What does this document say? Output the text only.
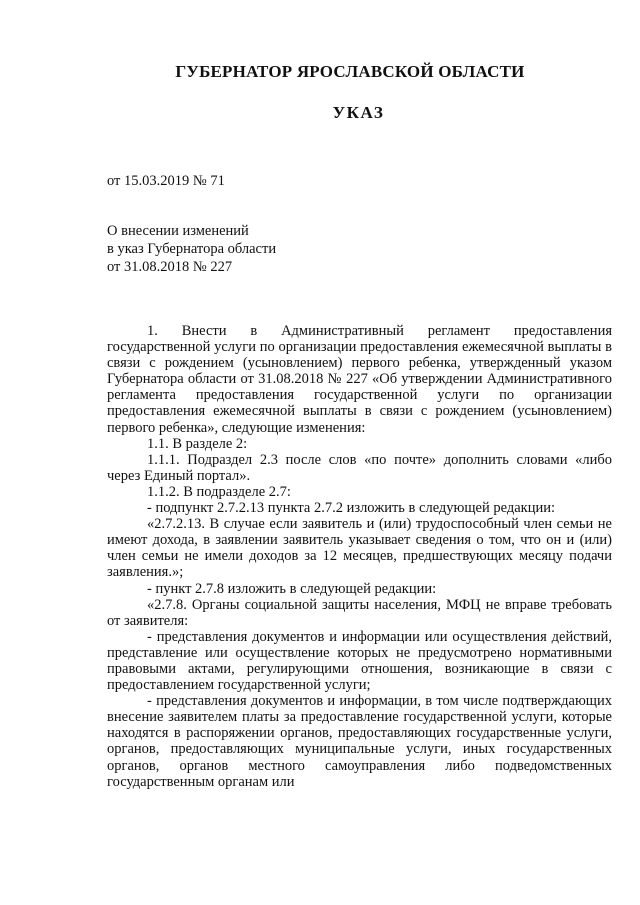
ГУБЕРНАТОР ЯРОСЛАВСКОЙ ОБЛАСТИ
УКАЗ
от 15.03.2019 № 71
О внесении изменений
в указ Губернатора области
от 31.08.2018 № 227

1. Внести в Административный регламент предоставления государственной услуги по организации предоставления ежемесячной выплаты в связи с рождением (усыновлением) первого ребенка, утвержденный указом Губернатора области от 31.08.2018 № 227 «Об утверждении Административного регламента предоставления государственной услуги по организации предоставления ежемесячной выплаты в связи с рождением (усыновлением) первого ребенка», следующие изменения:

1.1. В разделе 2:

1.1.1. Подраздел 2.3 после слов «по почте» дополнить словами «либо через Единый портал».

1.1.2. В подразделе 2.7:

- подпункт 2.7.2.13 пункта 2.7.2 изложить в следующей редакции:

«2.7.2.13. В случае если заявитель и (или) трудоспособный член семьи не имеют дохода, в заявлении заявитель указывает сведения о том, что он и (или) член семьи не имели доходов за 12 месяцев, предшествующих месяцу подачи заявления.»;

- пункт 2.7.8 изложить в следующей редакции:

«2.7.8. Органы социальной защиты населения, МФЦ не вправе требовать от заявителя:

- представления документов и информации или осуществления действий, представление или осуществление которых не предусмотрено нормативными правовыми актами, регулирующими отношения, возникающие в связи с предоставлением государственной услуги;

- представления документов и информации, в том числе подтверждающих внесение заявителем платы за предоставление государственной услуги, которые находятся в распоряжении органов, предоставляющих государственные услуги, органов, предоставляющих муниципальные услуги, иных государственных органов, органов местного самоуправления либо подведомственных государственным органам или
